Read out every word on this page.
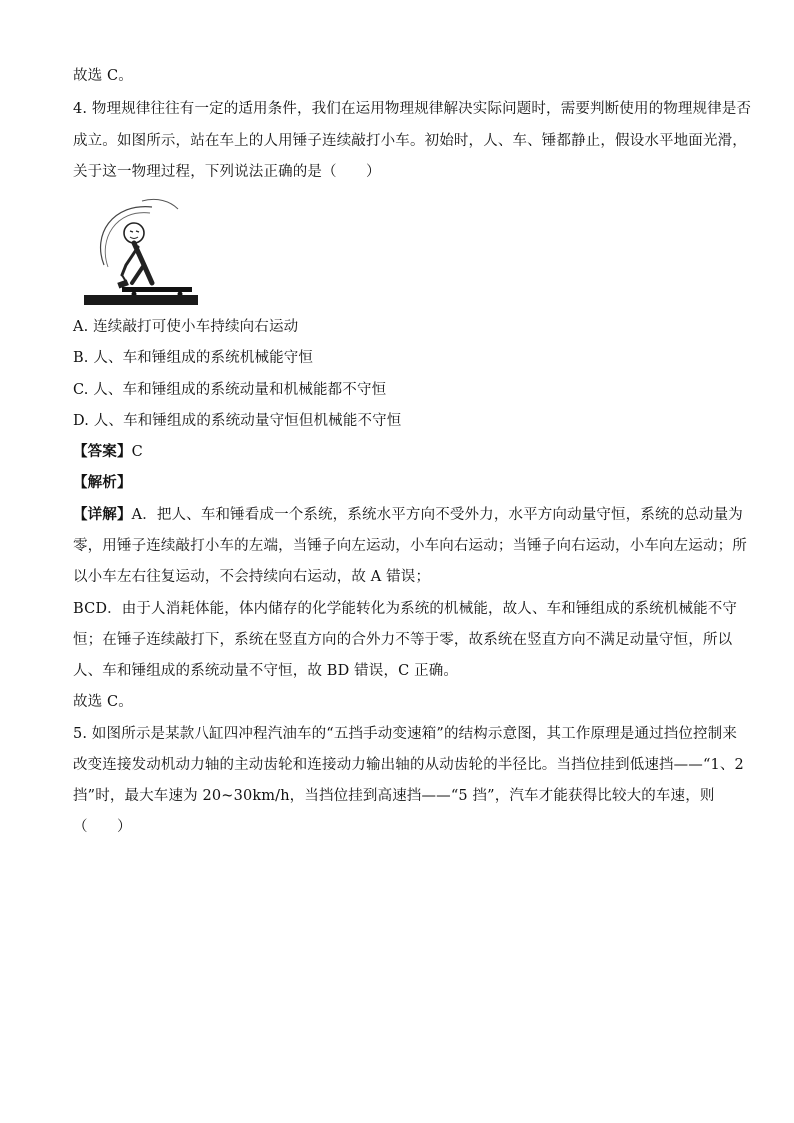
故选 C。
4. 物理规律往往有一定的适用条件，我们在运用物理规律解决实际问题时，需要判断使用的物理规律是否
成立。如图所示，站在车上的人用锤子连续敲打小车。初始时，人、车、锤都静止，假设水平地面光滑，
关于这一物理过程，下列说法正确的是（　　）
A. 连续敲打可使小车持续向右运动
B. 人、车和锤组成的系统机械能守恒
C. 人、车和锤组成的系统动量和机械能都不守恒
D. 人、车和锤组成的系统动量守恒但机械能不守恒
【答案】C
【解析】
【详解】A．把人、车和锤看成一个系统，系统水平方向不受外力，水平方向动量守恒，系统的总动量为
零，用锤子连续敲打小车的左端，当锤子向左运动，小车向右运动；当锤子向右运动，小车向左运动；所
以小车左右往复运动，不会持续向右运动，故 A 错误；
BCD．由于人消耗体能，体内储存的化学能转化为系统的机械能，故人、车和锤组成的系统机械能不守
恒；在锤子连续敲打下，系统在竖直方向的合外力不等于零，故系统在竖直方向不满足动量守恒，所以
人、车和锤组成的系统动量不守恒，故 BD 错误，C 正确。
故选 C。
5. 如图所示是某款八缸四冲程汽油车的“五挡手动变速箱”的结构示意图，其工作原理是通过挡位控制来
改变连接发动机动力轴的主动齿轮和连接动力输出轴的从动齿轮的半径比。当挡位挂到低速挡——“1、2
挡”时，最大车速为 20~30km/h，当挡位挂到高速挡——“5 挡”，汽车才能获得比较大的车速，则
（　　）
